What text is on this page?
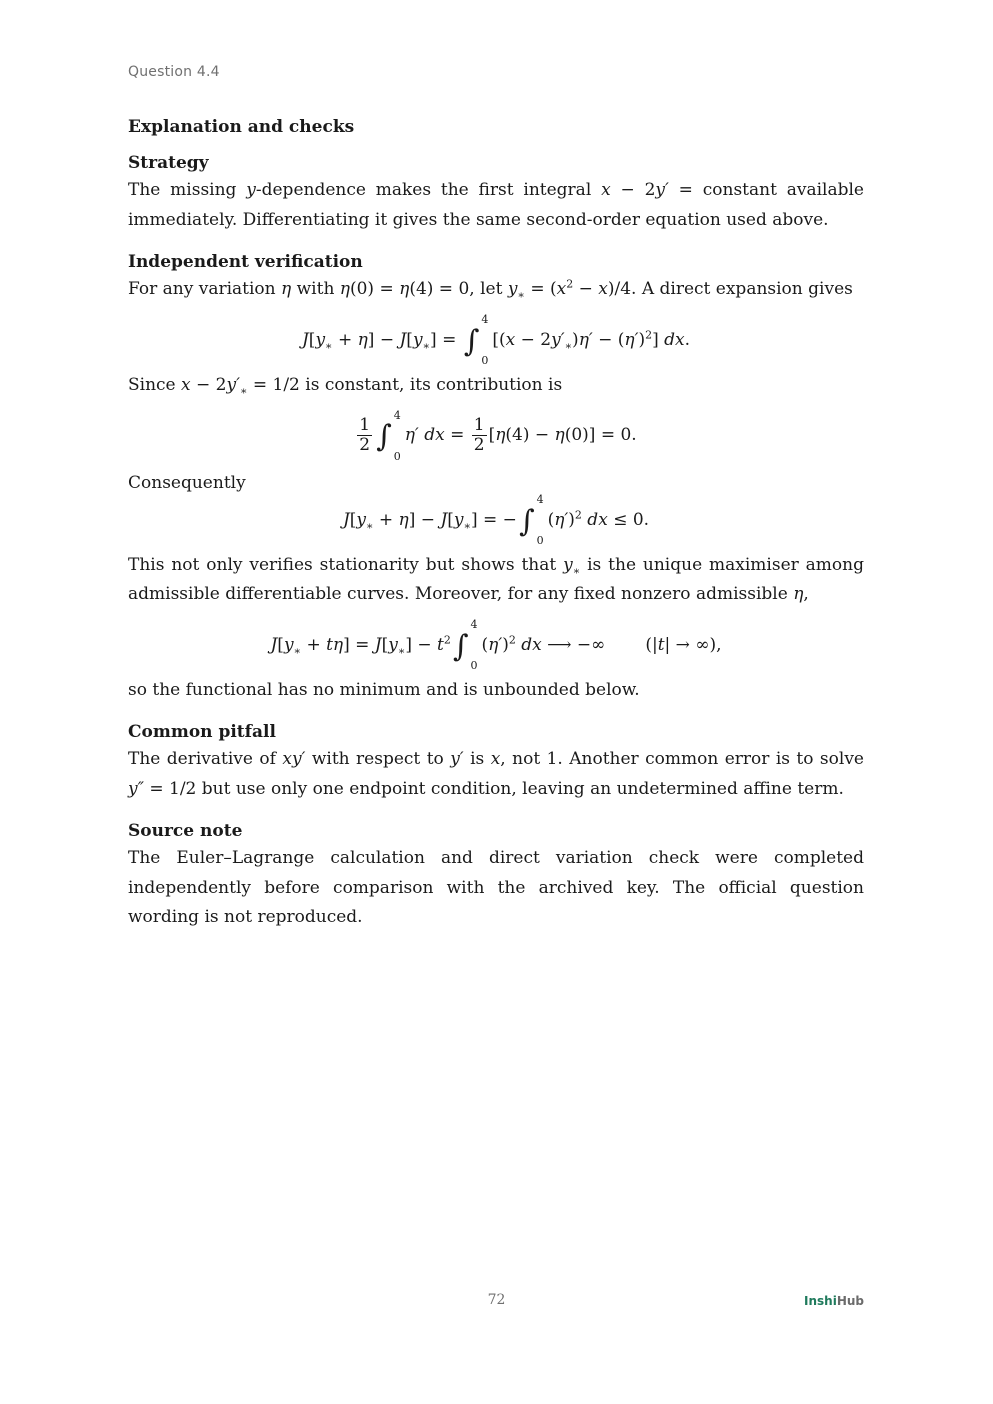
Question 4.4
Explanation and checks
Strategy

The missing y-dependence makes the first integral x − 2y′ = constant available immediately. Differentiating it gives the same second-order equation used above.

Independent verification

For any variation η with η(0) = η(4) = 0, let $y_∗ = (x^2 - x)/4$. A direct expansion gives

$J[y_∗ + \eta] - J[y_∗]$ = ∫
4
0
$[(x - 2y'_∗)\eta' - (\eta')^2]$ dx.

Since $x - 2y'_∗ = 1/2$ is constant, its contribution is

$\frac{1}{2}$ ∫
4
0
η′ dx = $\frac{1}{2} [\eta(4) - \eta(0)] = 0$.

Consequently

$J[y_∗ + \eta] - J[y_∗]$ = −∫
4
0
$(\eta')^2$ dx ≤ 0.

This not only verifies stationarity but shows that $y_∗$ is the unique maximiser among admissible differentiable curves. Moreover, for any fixed nonzero admissible η,

$J[y_∗ + t\eta] = J[y_∗] - t^2\int$
4
0
$(\eta')^2$ dx ⟶ −∞ (|t| → ∞),

so the functional has no minimum and is unbounded below.

Common pitfall

The derivative of xy′ with respect to y′ is x, not 1. Another common error is to solve y″ = 1/2 but use only one endpoint condition, leaving an undetermined affine term.

Source note

The Euler–Lagrange calculation and direct variation check were completed independently before comparison with the archived key. The official question wording is not reproduced.

72	InshiHub
